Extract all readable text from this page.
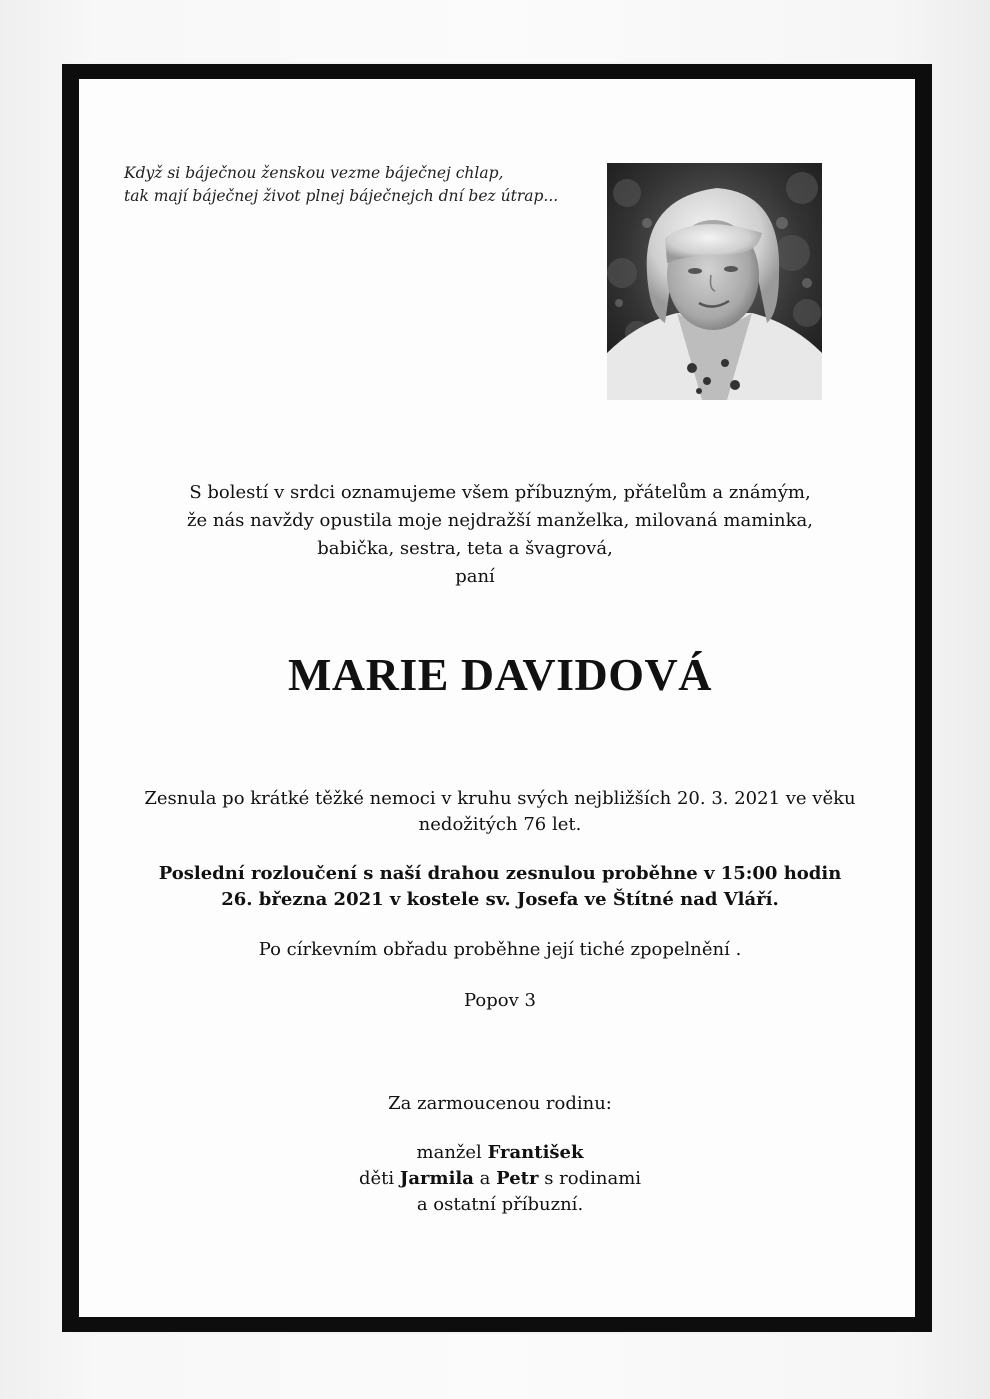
Když si báječnou ženskou vezme báječnej chlap,
tak mají báječnej život plnej báječnejch dní bez útrap...
S bolestí v srdci oznamujeme všem příbuzným, přátelům a známým,
že nás navždy opustila moje nejdražší manželka, milovaná maminka,
babička, sestra, teta a švagrová,
paní
MARIE DAVIDOVÁ
Zesnula po krátké těžké nemoci v kruhu svých nejbližších 20. 3. 2021 ve věku
nedožitých 76 let.
Poslední rozloučení s naší drahou zesnulou proběhne v 15:00 hodin
26. března 2021 v kostele sv. Josefa ve Štítné nad Vláří.
Po církevním obřadu proběhne její tiché zpopelnění .
Popov 3
Za zarmoucenou rodinu:
manžel František
děti Jarmila a Petr s rodinami
a ostatní příbuzní.
